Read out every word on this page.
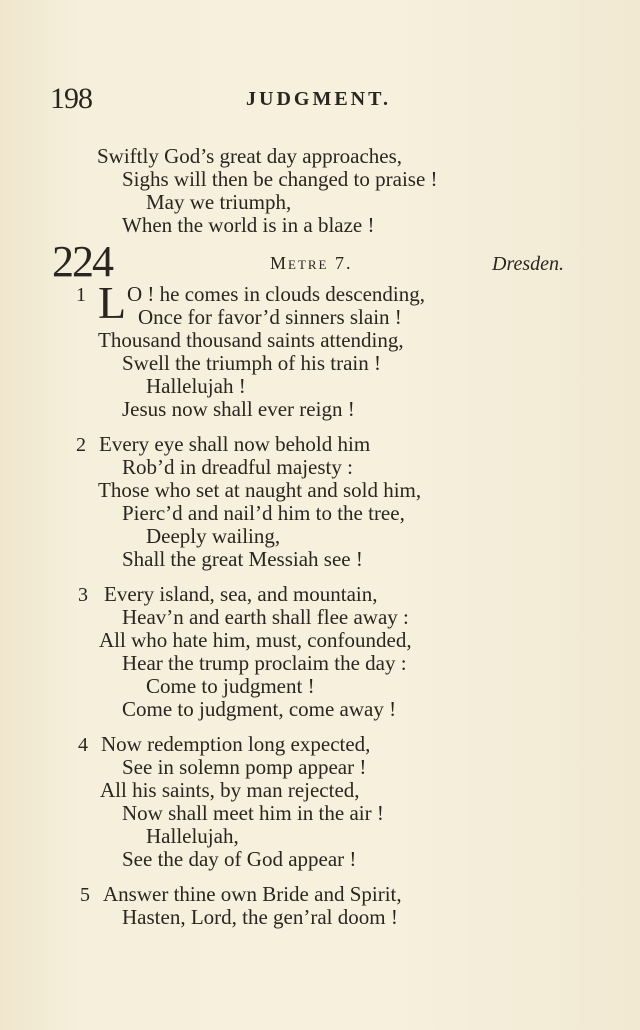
198	JUDGMENT.
Swiftly God’s great day approaches,
Sighs will then be changed to praise !
May we triumph,
When the world is in a blaze !
224	Metre 7.	Dresden.
1 L O ! he comes in clouds descending,
Once for favor’d sinners slain !
Thousand thousand saints attending,
Swell the triumph of his train !
Hallelujah !
Jesus now shall ever reign !
2 Every eye shall now behold him
Rob’d in dreadful majesty :
Those who set at naught and sold him,
Pierc’d and nail’d him to the tree,
Deeply wailing,
Shall the great Messiah see !
3 Every island, sea, and mountain,
Heav’n and earth shall flee away :
All who hate him, must, confounded,
Hear the trump proclaim the day :
Come to judgment !
Come to judgment, come away !
4 Now redemption long expected,
See in solemn pomp appear !
All his saints, by man rejected,
Now shall meet him in the air !
Hallelujah,
See the day of God appear !
5 Answer thine own Bride and Spirit,
Hasten, Lord, the gen’ral doom !
